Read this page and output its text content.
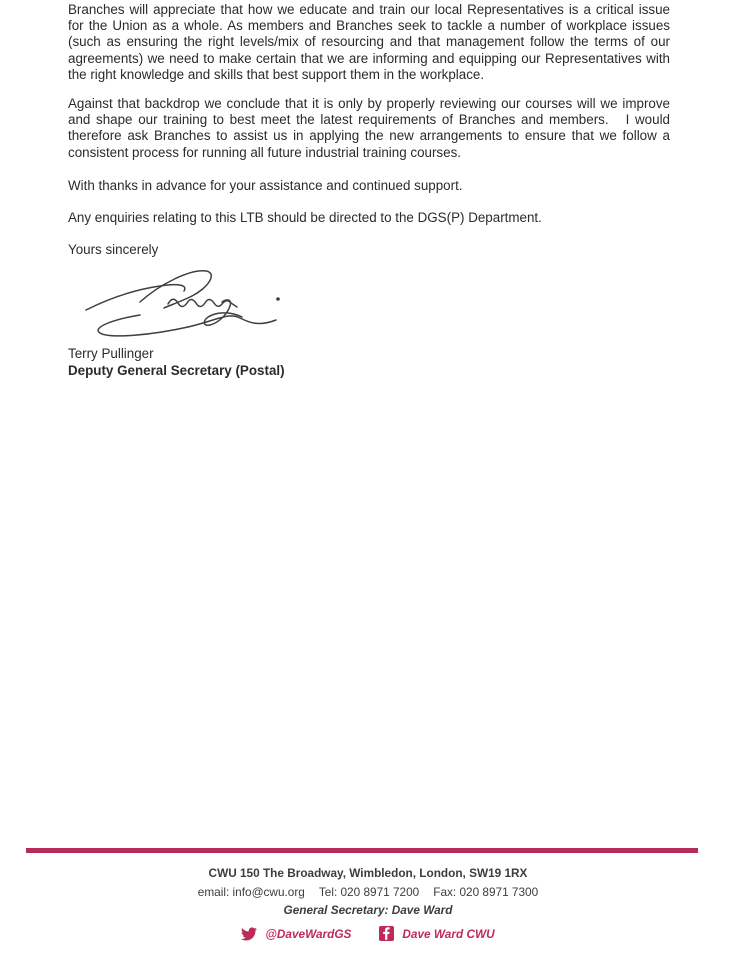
Branches will appreciate that how we educate and train our local Representatives is a critical issue for the Union as a whole. As members and Branches seek to tackle a number of workplace issues (such as ensuring the right levels/mix of resourcing and that management follow the terms of our agreements) we need to make certain that we are informing and equipping our Representatives with the right knowledge and skills that best support them in the workplace.

Against that backdrop we conclude that it is only by properly reviewing our courses will we improve and shape our training to best meet the latest requirements of Branches and members.   I would therefore ask Branches to assist us in applying the new arrangements to ensure that we follow a consistent process for running all future industrial training courses.

With thanks in advance for your assistance and continued support.

Any enquiries relating to this LTB should be directed to the DGS(P) Department.

Yours sincerely

Terry Pullinger
Deputy General Secretary (Postal)
CWU 150 The Broadway, Wimbledon, London, SW19 1RX
email: info@cwu.org Tel: 020 8971 7200 Fax: 020 8971 7300
General Secretary: Dave Ward
@DaveWardGS	Dave Ward CWU
